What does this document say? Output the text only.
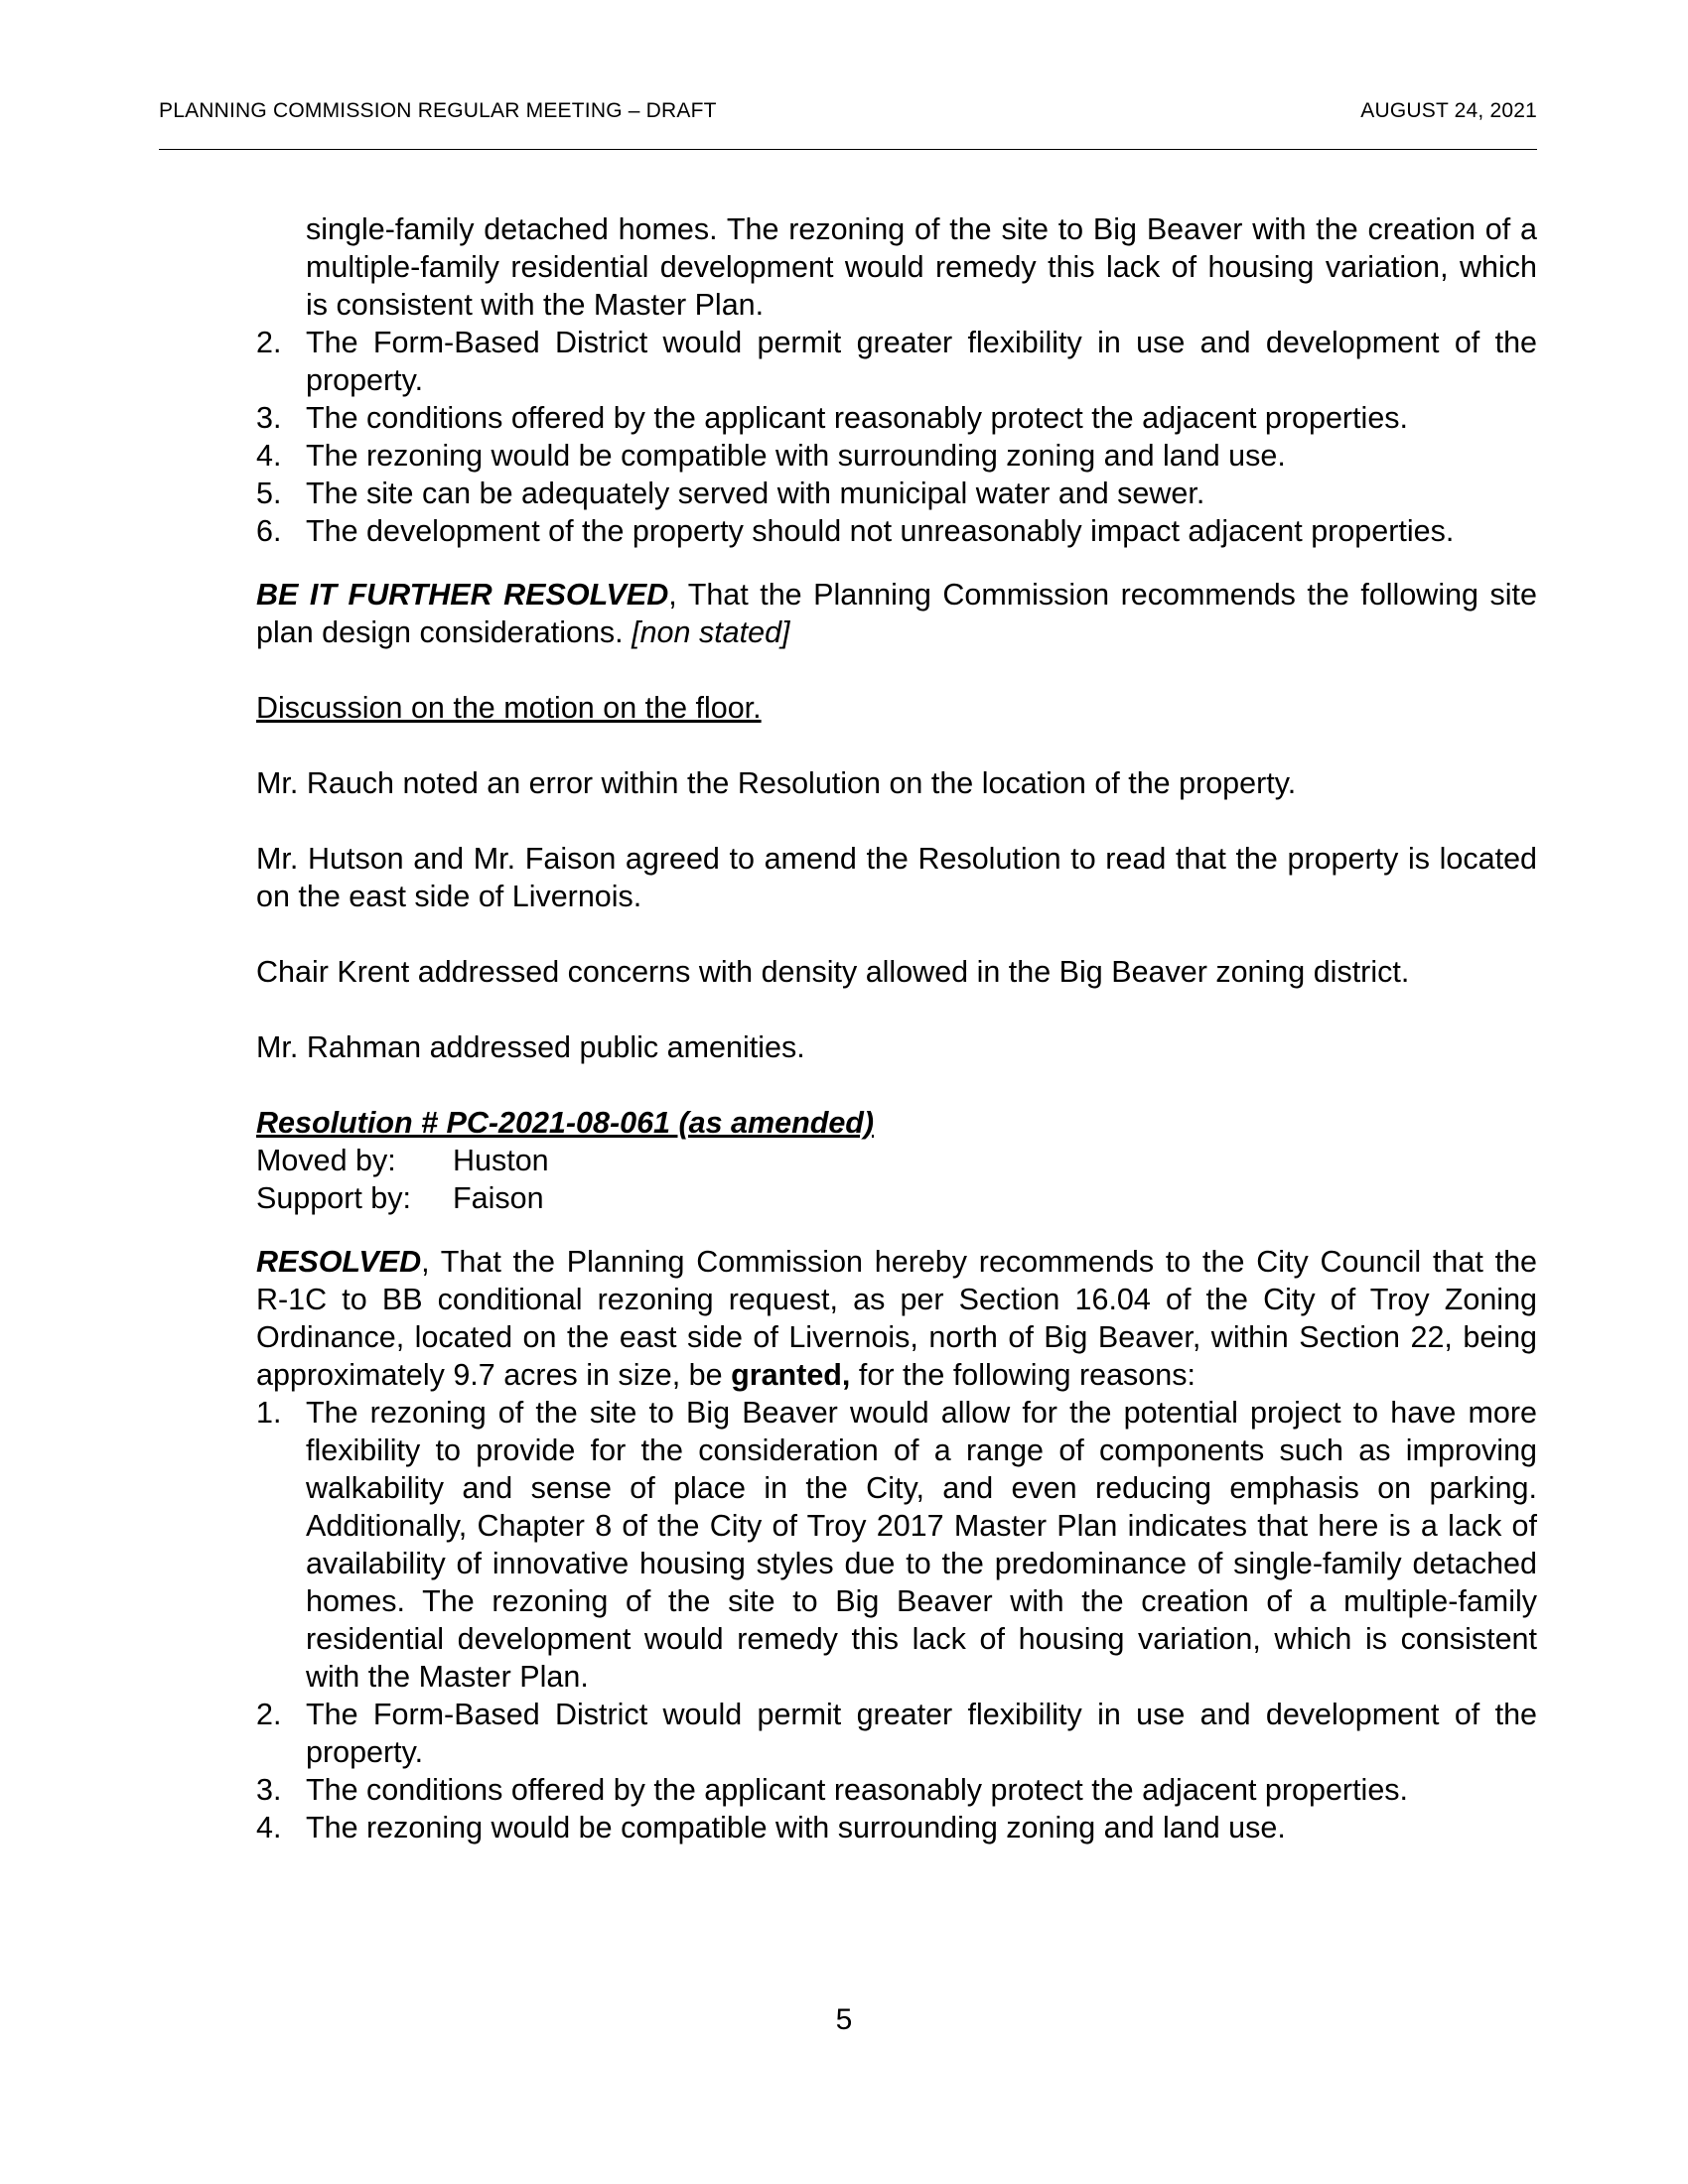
PLANNING COMMISSION REGULAR MEETING – DRAFT	AUGUST 24, 2021
single-family detached homes. The rezoning of the site to Big Beaver with the creation of a multiple-family residential development would remedy this lack of housing variation, which is consistent with the Master Plan.
2. The Form-Based District would permit greater flexibility in use and development of the property.
3. The conditions offered by the applicant reasonably protect the adjacent properties.
4. The rezoning would be compatible with surrounding zoning and land use.
5. The site can be adequately served with municipal water and sewer.
6. The development of the property should not unreasonably impact adjacent properties.

BE IT FURTHER RESOLVED, That the Planning Commission recommends the following site plan design considerations. [non stated]

Discussion on the motion on the floor.

Mr. Rauch noted an error within the Resolution on the location of the property.

Mr. Hutson and Mr. Faison agreed to amend the Resolution to read that the property is located on the east side of Livernois.

Chair Krent addressed concerns with density allowed in the Big Beaver zoning district.

Mr. Rahman addressed public amenities.

Resolution # PC-2021-08-061 (as amended)
Moved by:	Huston
Support by:	Faison

RESOLVED, That the Planning Commission hereby recommends to the City Council that the R-1C to BB conditional rezoning request, as per Section 16.04 of the City of Troy Zoning Ordinance, located on the east side of Livernois, north of Big Beaver, within Section 22, being approximately 9.7 acres in size, be granted, for the following reasons:

1. The rezoning of the site to Big Beaver would allow for the potential project to have more flexibility to provide for the consideration of a range of components such as improving walkability and sense of place in the City, and even reducing emphasis on parking. Additionally, Chapter 8 of the City of Troy 2017 Master Plan indicates that here is a lack of availability of innovative housing styles due to the predominance of single-family detached homes. The rezoning of the site to Big Beaver with the creation of a multiple-family residential development would remedy this lack of housing variation, which is consistent with the Master Plan.
2. The Form-Based District would permit greater flexibility in use and development of the property.
3. The conditions offered by the applicant reasonably protect the adjacent properties.
4. The rezoning would be compatible with surrounding zoning and land use.
5
